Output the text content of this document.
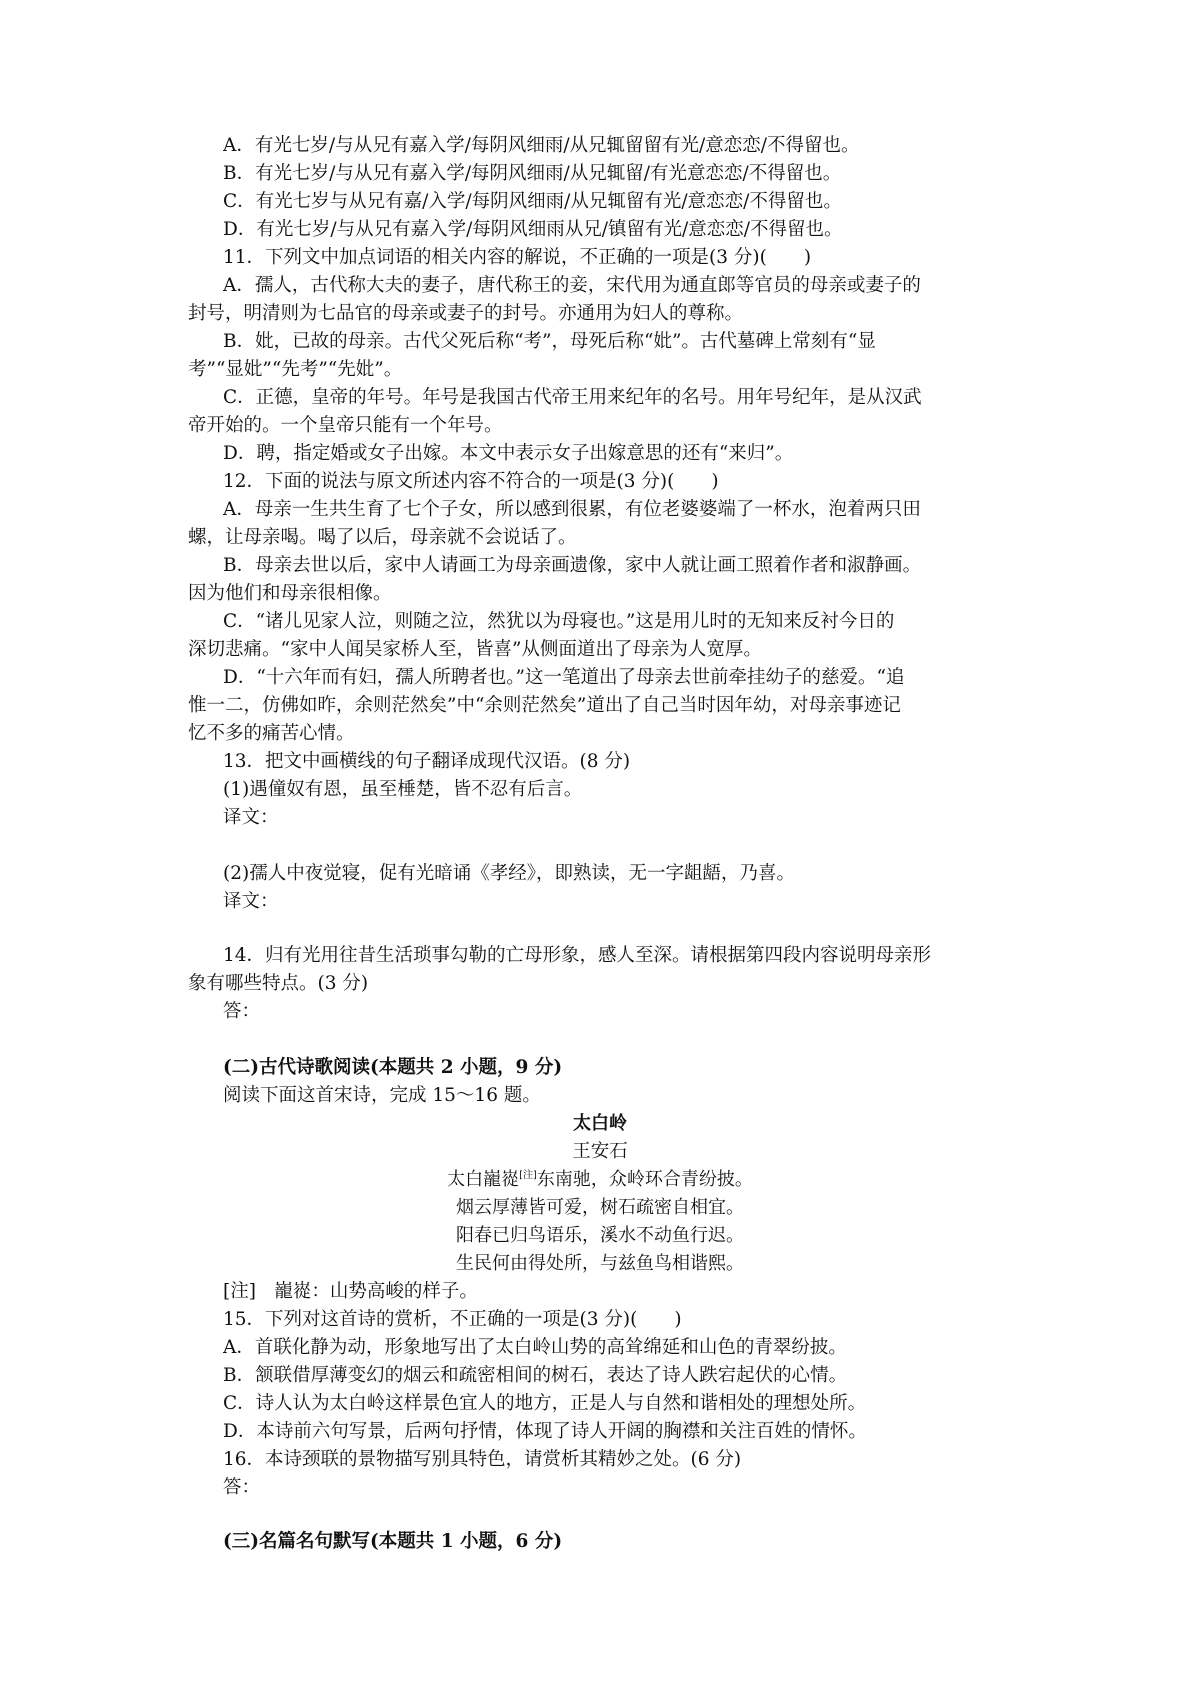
A．有光七岁/与从兄有嘉入学/每阴风细雨/从兄辄留留有光/意恋恋/不得留也。
B．有光七岁/与从兄有嘉入学/每阴风细雨/从兄辄留/有光意恋恋/不得留也。
C．有光七岁与从兄有嘉/入学/每阴风细雨/从兄辄留有光/意恋恋/不得留也。
D．有光七岁/与从兄有嘉入学/每阴风细雨从兄/镇留有光/意恋恋/不得留也。
11．下列文中加点词语的相关内容的解说，不正确的一项是(3 分)(　　)
A．孺人，古代称大夫的妻子，唐代称王的妾，宋代用为通直郎等官员的母亲或妻子的
封号，明清则为七品官的母亲或妻子的封号。亦通用为妇人的尊称。
B．妣，已故的母亲。古代父死后称“考”，母死后称“妣”。古代墓碑上常刻有“显
考”“显妣”“先考”“先妣”。
C．正德，皇帝的年号。年号是我国古代帝王用来纪年的名号。用年号纪年，是从汉武
帝开始的。一个皇帝只能有一个年号。
D．聘，指定婚或女子出嫁。本文中表示女子出嫁意思的还有“来归”。
12．下面的说法与原文所述内容不符合的一项是(3 分)(　　)
A．母亲一生共生育了七个子女，所以感到很累，有位老婆婆端了一杯水，泡着两只田
螺，让母亲喝。喝了以后，母亲就不会说话了。
B．母亲去世以后，家中人请画工为母亲画遗像，家中人就让画工照着作者和淑静画。
因为他们和母亲很相像。
C．“诸儿见家人泣，则随之泣，然犹以为母寝也。”这是用儿时的无知来反衬今日的
深切悲痛。“家中人闻吴家桥人至，皆喜”从侧面道出了母亲为人宽厚。
D．“十六年而有妇，孺人所聘者也。”这一笔道出了母亲去世前牵挂幼子的慈爱。“追
惟一二，仿佛如昨，余则茫然矣”中“余则茫然矣”道出了自己当时因年幼，对母亲事迹记
忆不多的痛苦心情。
13．把文中画横线的句子翻译成现代汉语。(8 分)
(1)遇僮奴有恩，虽至棰楚，皆不忍有后言。
译文：
(2)孺人中夜觉寝，促有光暗诵《孝经》，即熟读，无一字龃龉，乃喜。
译文：
14．归有光用往昔生活琐事勾勒的亡母形象，感人至深。请根据第四段内容说明母亲形
象有哪些特点。(3 分)
答：
(二)古代诗歌阅读(本题共 2 小题，9 分)
阅读下面这首宋诗，完成 15～16 题。
太白岭
王安石
太白巃嵸[注]东南驰，众岭环合青纷披。
烟云厚薄皆可爱，树石疏密自相宜。
阳春已归鸟语乐，溪水不动鱼行迟。
生民何由得处所，与兹鱼鸟相谐熙。
[注]　巃嵸：山势高峻的样子。
15．下列对这首诗的赏析，不正确的一项是(3 分)(　　)
A．首联化静为动，形象地写出了太白岭山势的高耸绵延和山色的青翠纷披。
B．颔联借厚薄变幻的烟云和疏密相间的树石，表达了诗人跌宕起伏的心情。
C．诗人认为太白岭这样景色宜人的地方，正是人与自然和谐相处的理想处所。
D．本诗前六句写景，后两句抒情，体现了诗人开阔的胸襟和关注百姓的情怀。
16．本诗颈联的景物描写别具特色，请赏析其精妙之处。(6 分)
答：
(三)名篇名句默写(本题共 1 小题，6 分)
